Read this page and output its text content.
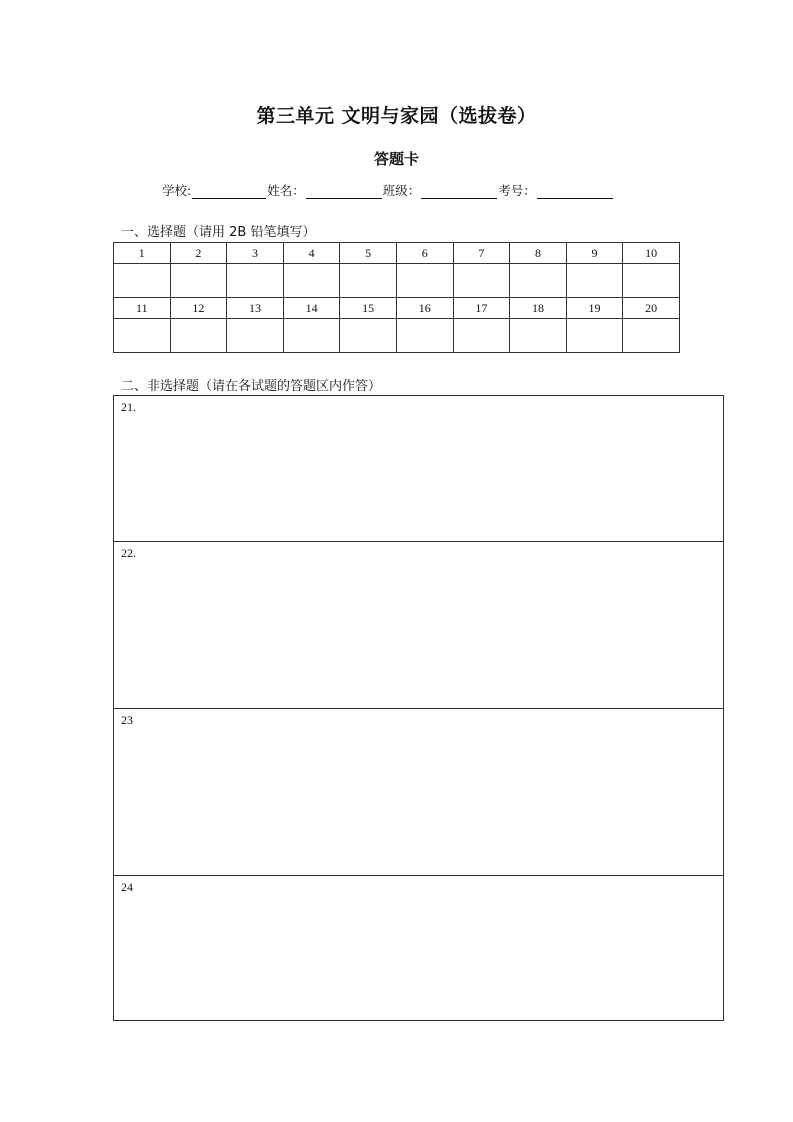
第三单元 文明与家园（选拔卷）
答题卡
学校:	姓名：	班级：	考号：
一、选择题（请用 2B 铅笔填写）
1	2	3	4	5	6	7	8	9	10

11	12	13	14	15	16	17	18	19	20

二、非选择题（请在各试题的答题区内作答）
21.
22.
23
24
